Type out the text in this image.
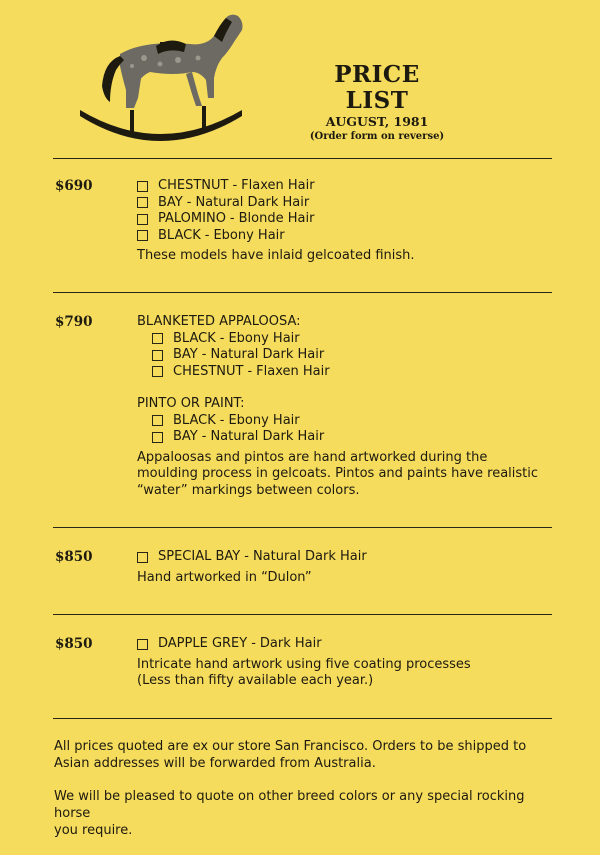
PRICE LIST
AUGUST, 1981
(Order form on reverse)
$690	CHESTNUT - Flaxen Hair
BAY - Natural Dark Hair
PALOMINO - Blonde Hair
BLACK - Ebony Hair
These models have inlaid gelcoated finish.
$790	BLANKETED APPALOOSA:
BLACK - Ebony Hair
BAY - Natural Dark Hair
CHESTNUT - Flaxen Hair
PINTO OR PAINT:
BLACK - Ebony Hair
BAY - Natural Dark Hair
Appaloosas and pintos are hand artworked during the
moulding process in gelcoats. Pintos and paints have realistic
“water” markings between colors.
$850	SPECIAL BAY - Natural Dark Hair
Hand artworked in “Dulon”
$850	DAPPLE GREY - Dark Hair
Intricate hand artwork using five coating processes
(Less than fifty available each year.)

All prices quoted are ex our store San Francisco. Orders to be shipped to
Asian addresses will be forwarded from Australia.

We will be pleased to quote on other breed colors or any special rocking horse
you require.
